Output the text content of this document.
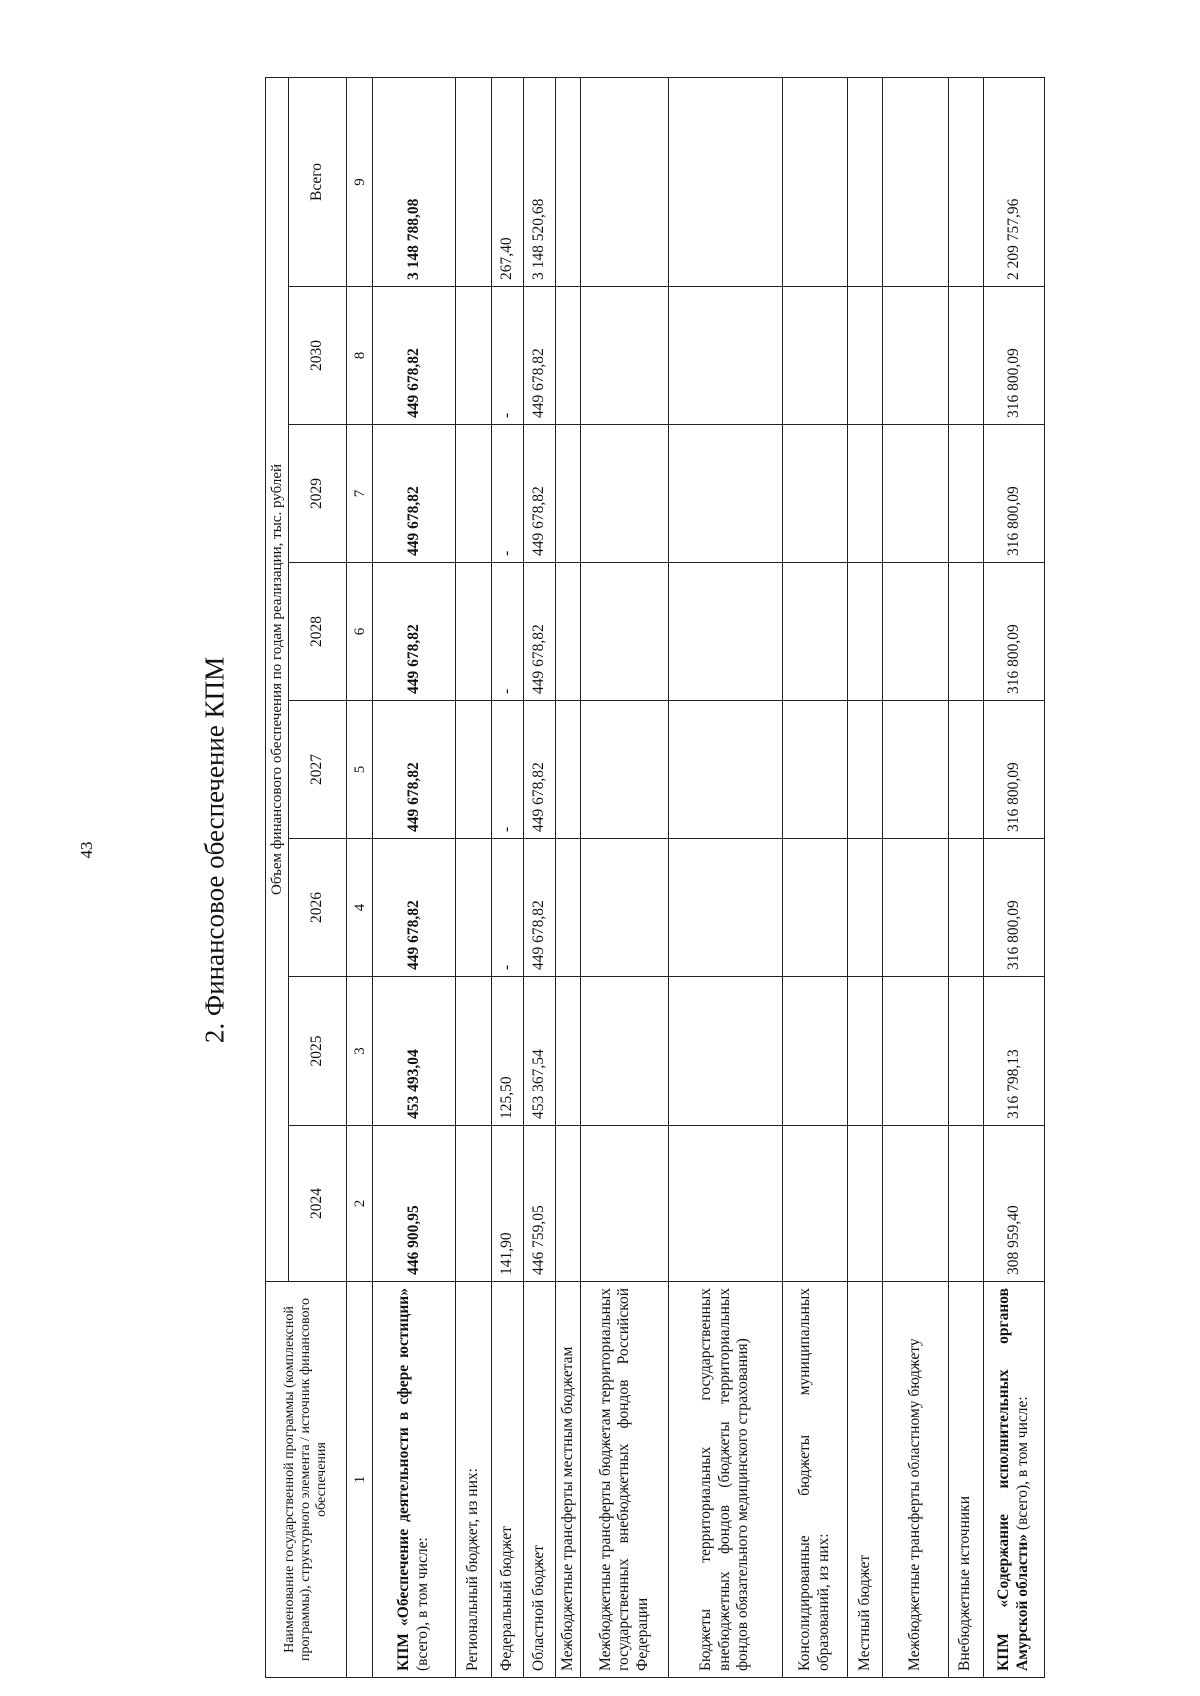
43	2. Финансовое обеспечение КПМ
Наименование государственной программы (комплексной программы), структурного элемента / источник финансового обеспечения	Объем финансового обеспечения по годам реализации, тыс. рублей							
	2024	2025	2026	2027	2028	2029	2030	Всего
1	2	3	4	5	6	7	8	9
КПМ «Обеспечение деятельности в сфере юстиции» (всего), в том числе:	446 900,95	453 493,04	449 678,82	449 678,82	449 678,82	449 678,82	449 678,82	3 148 788,08
Региональный бюджет, из них:								
Федеральный бюджет	141,90	125,50	-	-	-	-	-	267,40
Областной бюджет	446 759,05	453 367,54	449 678,82	449 678,82	449 678,82	449 678,82	449 678,82	3 148 520,68
Межбюджетные трансферты местным бюджетам								
Межбюджетные трансферты бюджетам территориальных государственных внебюджетных фондов Российской Федерации								
Бюджеты территориальных государственных внебюджетных фондов (бюджеты территориальных фондов обязательного медицинского страхования)								
Консолидированные бюджеты муниципальных образований, из них:								
Местный бюджет								
Межбюджетные трансферты областному бюджету								
Внебюджетные источники								
КПМ «Содержание исполнительных органов Амурской области» (всего), в том числе:	308 959,40	316 798,13	316 800,09	316 800,09	316 800,09	316 800,09	316 800,09	2 209 757,96
